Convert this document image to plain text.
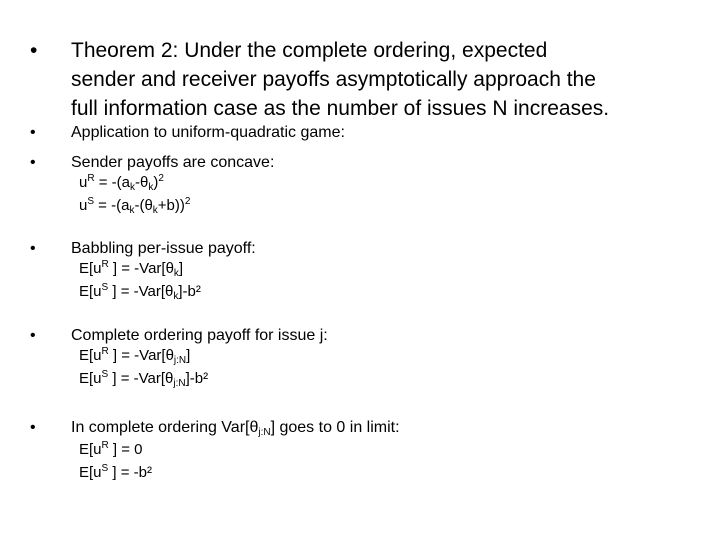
• Theorem 2: Under the complete ordering, expected
sender and receiver payoffs asymptotically approach the
full information case as the number of issues N increases.
• Application to uniform-quadratic game:
• Sender payoffs are concave:
$u^R = -(a_k-\theta_k)^2$
$u^S = -(a_k-(\theta_k+b))^2$
• Babbling per-issue payoff:
$E[u^R$ ] = $-Var[\theta_k]$
$E[u^S$ ] = $-Var[\theta_k]-b^2$
• Complete ordering payoff for issue j:
$E[u^R$ ] = $-Var[\theta_{j:N}]$
$E[u^S$ ] = $-Var[\theta_{j:N}]-b^2$
• In complete ordering $Var[\theta_{j:N}]$ goes to 0 in limit:
$E[u^R$ ] = 0
$E[u^S$ ] = -b²
